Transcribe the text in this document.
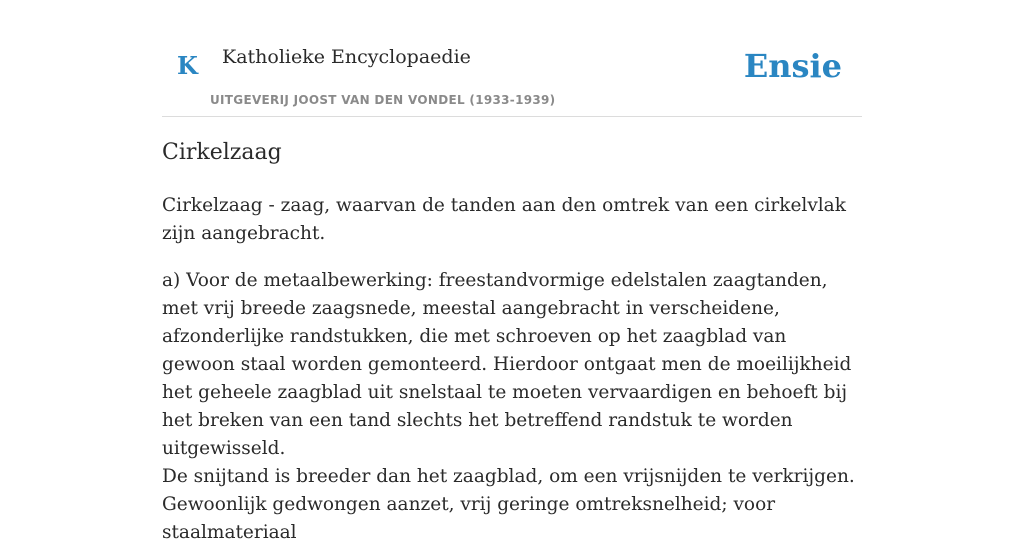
K Katholieke Encyclopaedie
UITGEVERIJ JOOST VAN DEN VONDEL (1933-1939)
Ensie
Cirkelzaag

Cirkelzaag - zaag, waarvan de tanden aan den omtrek van een cirkelvlak zijn aangebracht.

a) Voor de metaalbewerking: freestandvormige edelstalen zaagtanden, met vrij breede zaagsnede, meestal aangebracht in verscheidene, afzonderlijke randstukken, die met schroeven op het zaagblad van gewoon staal worden gemonteerd. Hierdoor ontgaat men de moeilijkheid het geheele zaagblad uit snelstaal te moeten vervaardigen en behoeft bij het breken van een tand slechts het betreffend randstuk te worden uitgewisseld.

De snijtand is breeder dan het zaagblad, om een vrijsnijden te verkrijgen. Gewoonlijk gedwongen aanzet, vrij geringe omtreksnelheid; voor staalmateriaal
